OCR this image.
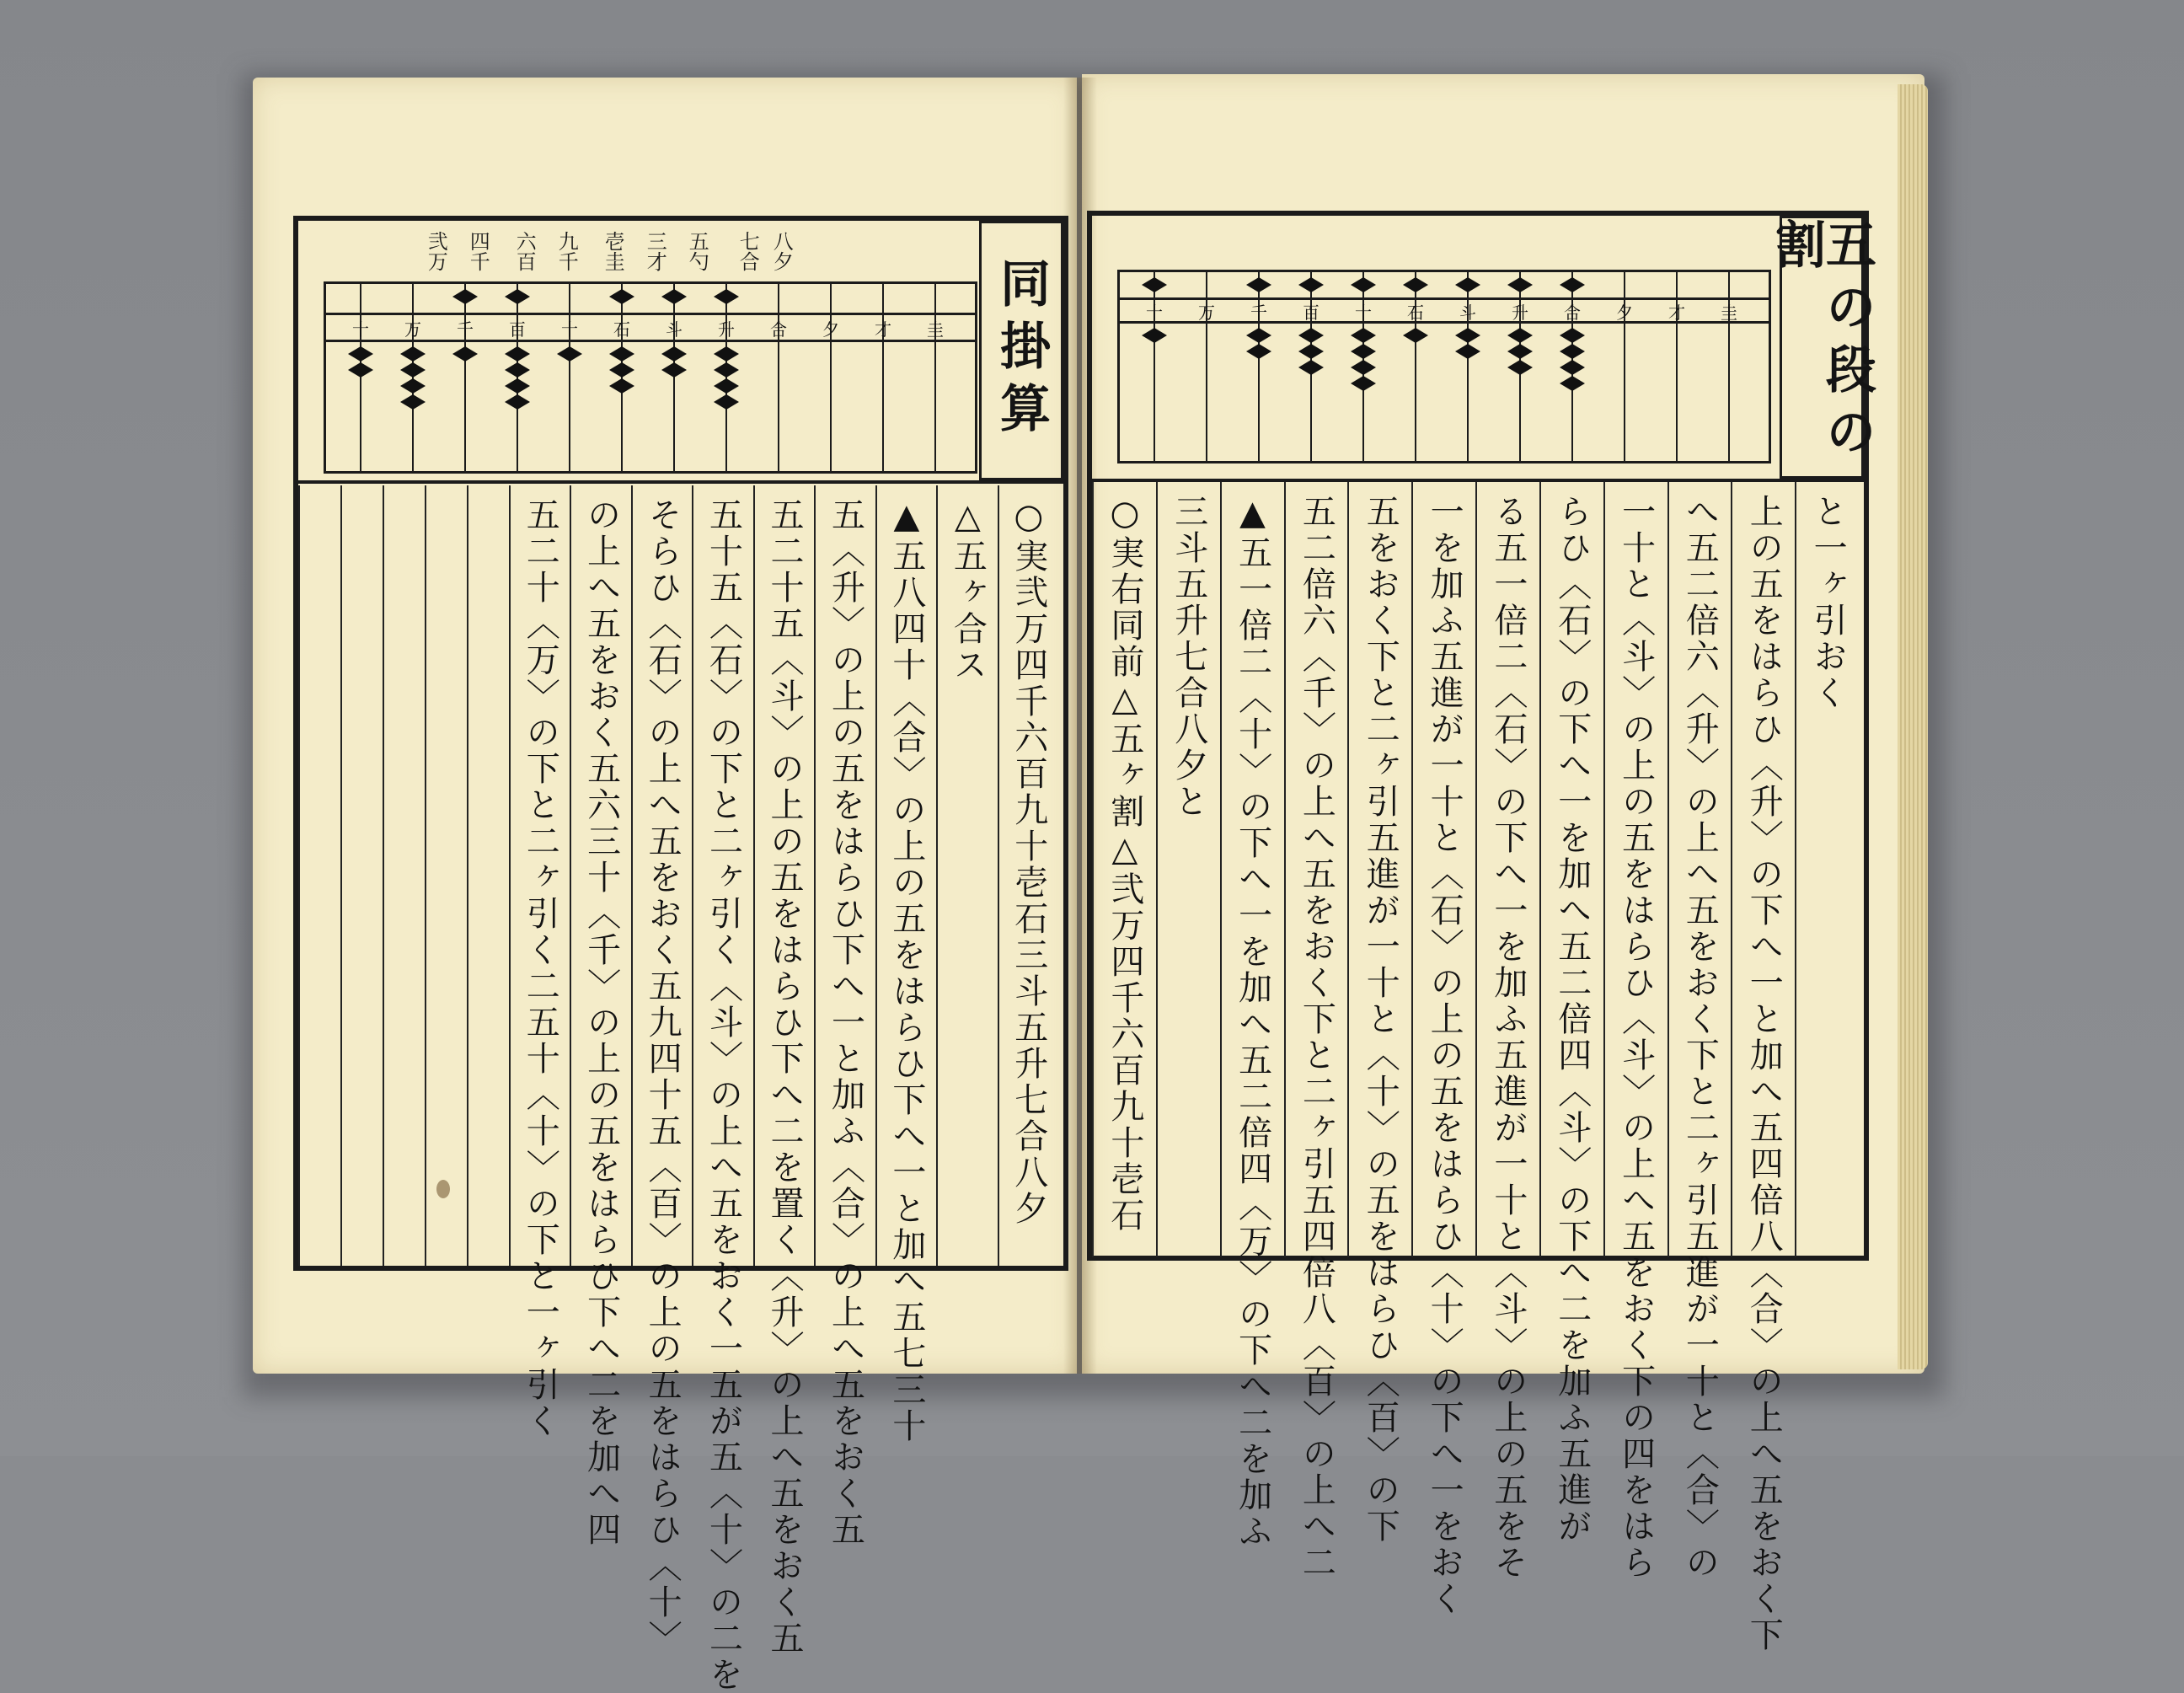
同掛算
八夕
七合
五勺
三才
壱圭
九千
六百
四千
弐万
十 万 千 百 十 石 斗 升 合 夕 才 圭
○実弐万四千六百九十壱石三斗五升七合八夕
△五ヶ合ス
▲五八四十〈合〉の上の五をはらひ下へ一と加へ五七三十
五〈升〉の上の五をはらひ下へ一と加ふ〈合〉の上へ五をおく五
五二十五〈斗〉の上の五をはらひ下へ二を置く〈升〉の上へ五をおく五
五十五〈石〉の下と二ヶ引く〈斗〉の上へ五をおく一五が五〈十〉の二を
そらひ〈石〉の上へ五をおく五九四十五〈百〉の上の五をはらひ〈十〉
の上へ五をおく五六三十〈千〉の上の五をはらひ下へ二を加へ四
五二十〈万〉の下と二ヶ引く二五十〈十〉の下と一ヶ引く
五の段の割
十 万 千 百 十 石 斗 升 合 夕 才 圭
と一ヶ引おく
上の五をはらひ〈升〉の下へ一と加へ五四倍八〈合〉の上へ五をおく下
へ五二倍六〈升〉の上へ五をおく下と二ヶ引五進が一十と〈合〉の
一十と〈斗〉の上の五をはらひ〈斗〉の上へ五をおく下の四をはら
らひ〈石〉の下へ一を加へ五二倍四〈斗〉の下へ二を加ふ五進が
る五一倍二〈石〉の下へ一を加ふ五進が一十と〈斗〉の上の五をそ
一を加ふ五進が一十と〈石〉の上の五をはらひ〈十〉の下へ一をおく
五をおく下と二ヶ引五進が一十と〈十〉の五をはらひ〈百〉の下
五二倍六〈千〉の上へ五をおく下と二ヶ引五四倍八〈百〉の上へ二
▲五一倍二〈十〉の下へ一を加へ五二倍四〈万〉の下へ二を加ふ
三斗五升七合八夕と
○実右同前△五ヶ割△弐万四千六百九十壱石
